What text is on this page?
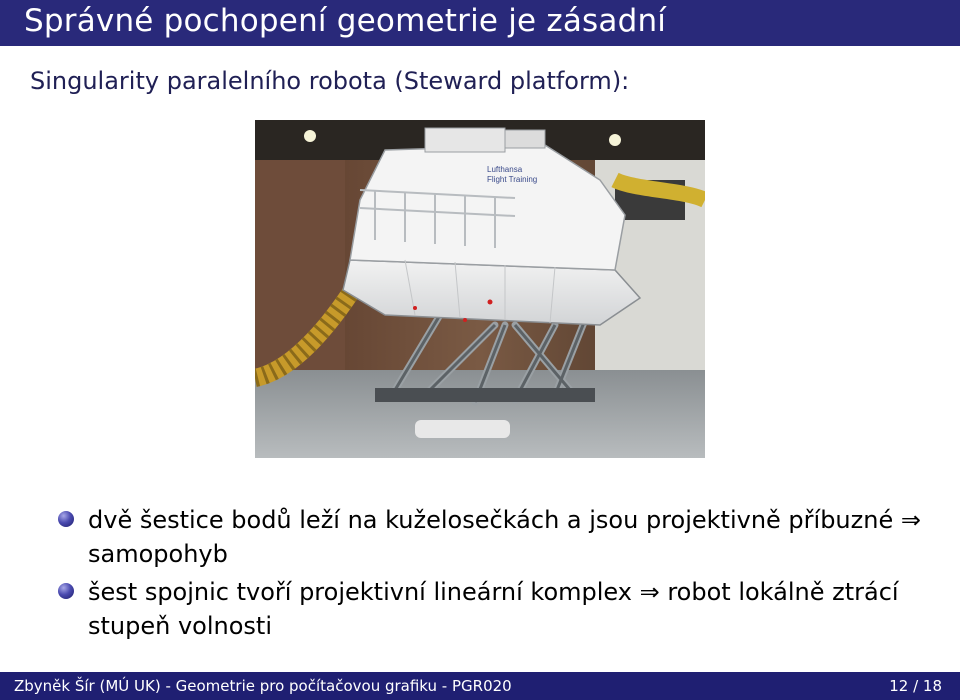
Správné pochopení geometrie je zásadní
Singularity paralelního robota (Steward platform):
Lufthansa
Flight Training
dvě šestice bodů leží na kuželosečkách a jsou projektivně příbuzné ⇒ samopohyb
šest spojnic tvoří projektivní lineární komplex ⇒ robot lokálně ztrácí stupeň volnosti
Zbyněk Šír (MÚ UK) - Geometrie pro počítačovou grafiku - PGR020	12 / 18
